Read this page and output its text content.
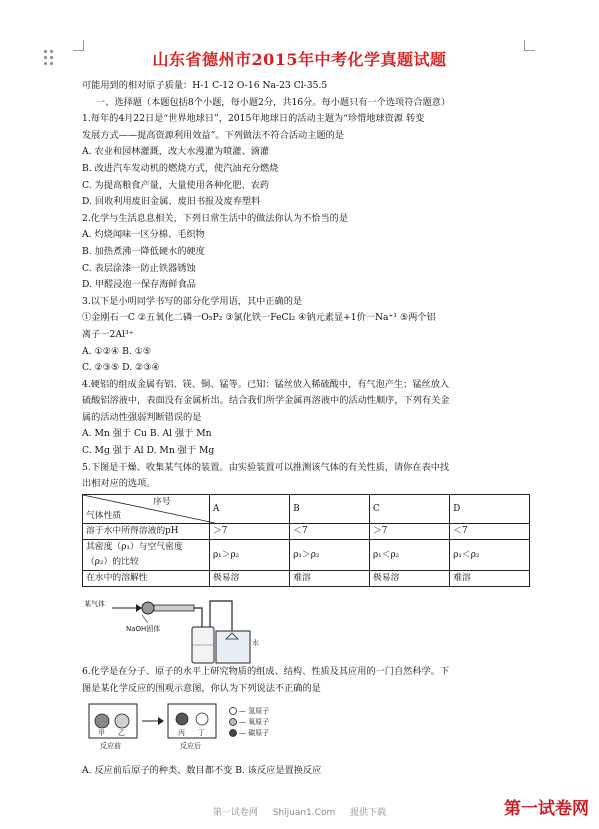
山东省德州市2015年中考化学真题试题
可能用到的相对原子质量：H-1 C-12 O-16 Na-23 Cl-35.5
一、选择题（本题包括8个小题，每小题2分，共16分。每小题只有一个选项符合题意）
1.每年的4月22日是“世界地球日”，2015年地球日的活动主题为“珍惜地球资源 转变
发展方式——提高资源利用效益”。下列做法不符合活动主题的是
A. 农业和园林灌溉，改大水漫灌为喷灌、滴灌
B. 改进汽车发动机的燃烧方式，使汽油充分燃烧
C. 为提高粮食产量，大量使用各种化肥、农药
D. 回收利用废旧金属、废旧书报及废弃塑料
2.化学与生活息息相关，下列日常生活中的做法你认为不恰当的是
A. 灼烧闻味一区分棉、毛织物
B. 加热煮沸一降低硬水的硬度
C. 表层涂漆一防止铁器锈蚀
D. 甲醛浸泡一保存海鲜食品
3.以下是小明同学书写的部分化学用语，其中正确的是
①金刚石一C ②五氧化二磷一O₅P₂ ③氯化铁一FeCl₂ ④钠元素显+1价一Na⁺¹ ⑤两个铝
离子一2Al³⁺
A. ①②④ B. ①⑤
C. ②③⑤ D. ②③④
4.硬铝的组成金属有铝、镁、铜、锰等。已知：锰丝放入稀硫酸中，有气泡产生；锰丝放入
硫酸铝溶液中，表面没有金属析出。结合我们所学金属再溶液中的活动性顺序，下列有关金
属的活动性强弱判断错误的是
A. Mn 强于 Cu B. Al 强于 Mn
C. Mg 强于 Al D. Mn 强于 Mg
5.下图是干燥、收集某气体的装置。由实验装置可以推测该气体的有关性质，请你在表中找
出相对应的选项。
序号
气体性质	A	B	C	D
溶于水中所得溶液的pH	＞7	＜7	＞7	＜7
其密度（ρ₁）与空气密度	ρ₁＞ρ₂	ρ₁＞ρ₂	ρ₁＜ρ₂	ρ₁＜ρ₂
（ρ₂）的比较				
在水中的溶解性	极易溶	难溶	极易溶	难溶
某气体
NaOH固体
水
6.化学是在分子、原子的水平上研究物质的组成、结构、性质及其应用的一门自然科学。下
图是某化学反应的围观示意图，你认为下列说法不正确的是
甲 乙
反应前
丙 丁
反应后
— 氢原子
— 氧原子
— 碳原子
A. 反应前后原子的种类、数目都不变 B. 该反应是置换反应
第一试卷网 Shijuan1.Com 提供下载	第一试卷网
